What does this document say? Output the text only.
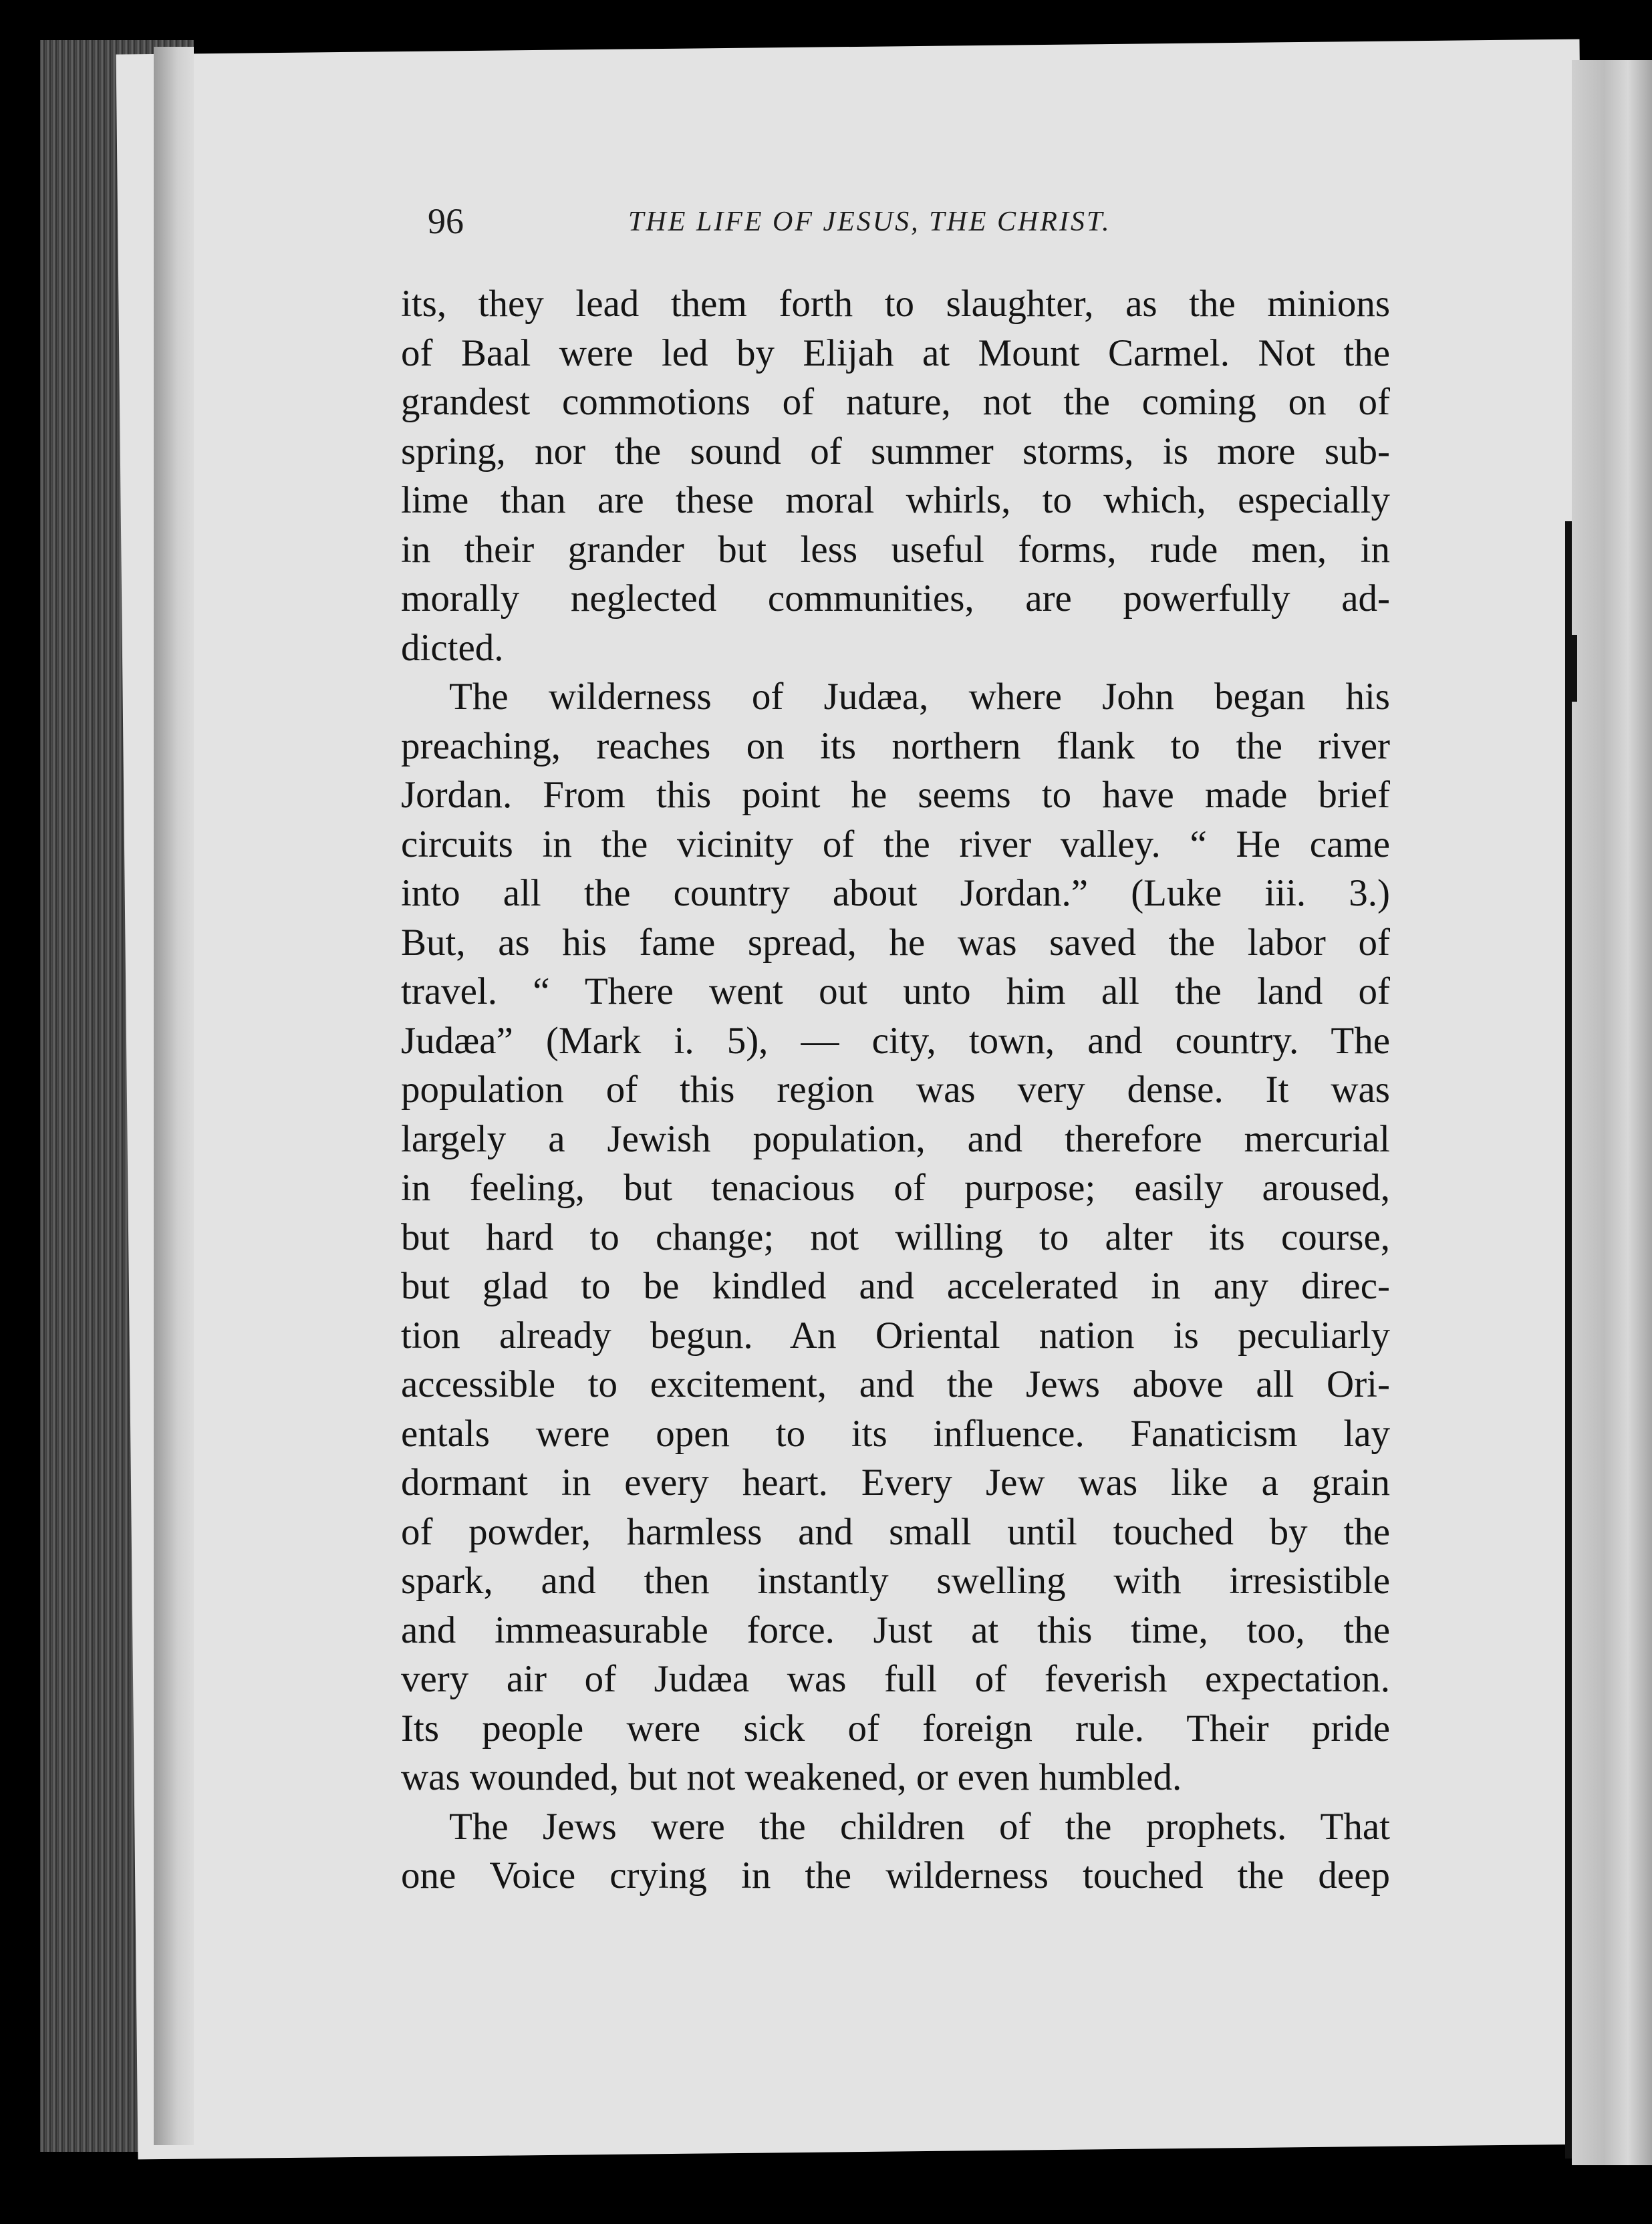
96	THE LIFE OF JESUS, THE CHRIST.
its, they lead them forth to slaughter, as the minions
of Baal were led by Elijah at Mount Carmel. Not the
grandest commotions of nature, not the coming on of
spring, nor the sound of summer storms, is more sub-
lime than are these moral whirls, to which, especially
in their grander but less useful forms, rude men, in
morally neglected communities, are powerfully ad-
dicted.
The wilderness of Judæa, where John began his
preaching, reaches on its northern flank to the river
Jordan. From this point he seems to have made brief
circuits in the vicinity of the river valley. “ He came
into all the country about Jordan.” (Luke iii. 3.)
But, as his fame spread, he was saved the labor of
travel. “ There went out unto him all the land of
Judæa” (Mark i. 5), — city, town, and country. The
population of this region was very dense. It was
largely a Jewish population, and therefore mercurial
in feeling, but tenacious of purpose; easily aroused,
but hard to change; not willing to alter its course,
but glad to be kindled and accelerated in any direc-
tion already begun. An Oriental nation is peculiarly
accessible to excitement, and the Jews above all Ori-
entals were open to its influence. Fanaticism lay
dormant in every heart. Every Jew was like a grain
of powder, harmless and small until touched by the
spark, and then instantly swelling with irresistible
and immeasurable force. Just at this time, too, the
very air of Judæa was full of feverish expectation.
Its people were sick of foreign rule. Their pride
was wounded, but not weakened, or even humbled.
The Jews were the children of the prophets. That
one Voice crying in the wilderness touched the deep
